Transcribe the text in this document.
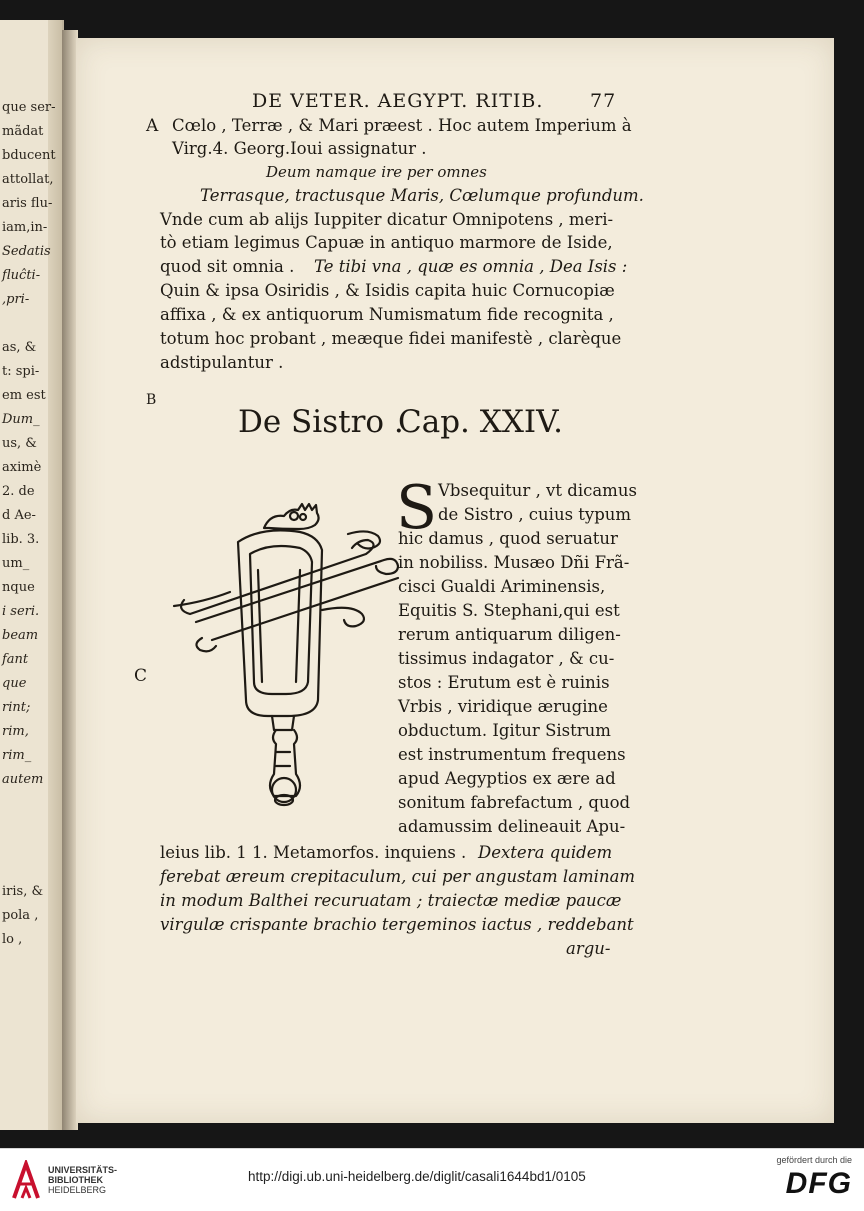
DE VETER. AEGYPT. RITIB. 77
A
B
C
Cœlo , Terræ , & Mari præest . Hoc autem Imperium à
Virg.4. Georg.Ioui assignatur .
Deum namque ire per omnes
Terrasque, tractusque Maris, Cœlumque profundum.
Vnde cum ab alijs Iuppiter dicatur Omnipotens , meri-
tò etiam legimus Capuæ in antiquo marmore de Iside,
quod sit omnia . Te tibi vna , quæ es omnia , Dea Isis :
Quin & ipsa Osiridis , & Isidis capita huic Cornucopiæ
affixa , & ex antiquorum Numismatum fide recognita ,
totum hoc probant , meæque fidei manifestè , clarèque
adstipulantur .
De Sistro .
Cap. XXIV.
S Vbsequitur , vt dicamus
de Sistro , cuius typum
hic damus , quod seruatur
in nobiliss. Musæo Dñi Frã-
cisci Gualdi Ariminensis,
Equitis S. Stephani,qui est
rerum antiquarum diligen-
tissimus indagator , & cu-
stos : Erutum est è ruinis
Vrbis , viridique ærugine
obductum. Igitur Sistrum
est instrumentum frequens
apud Aegyptios ex ære ad
sonitum fabrefactum , quod
adamussim delineauit Apu-
leius lib. 1 1. Metamorfos. inquiens . Dextera quidem
ferebat æreum crepitaculum, cui per angustam laminam
in modum Balthei recuruatam ; traiectæ mediæ paucæ
virgulæ crispante brachio tergeminos iactus , reddebant
argu-
que ser-
mãdat
bducent
attollat,
aris flu-
iam,in-
Sedatis
fluĉti-
,pri-
as, &
t: spi-
em est
Dum_
us, &
aximè
2. de
d Ae-
lib. 3.
um_
nque
i seri.
beam
fant
que
rint;
rim,
rim_
autem
iris, &
pola ,
lo ,
UNIVERSITÄTS-
BIBLIOTHEK
HEIDELBERG
http://digi.ub.uni-heidelberg.de/diglit/casali1644bd1/0105
gefördert durch die
DFG
